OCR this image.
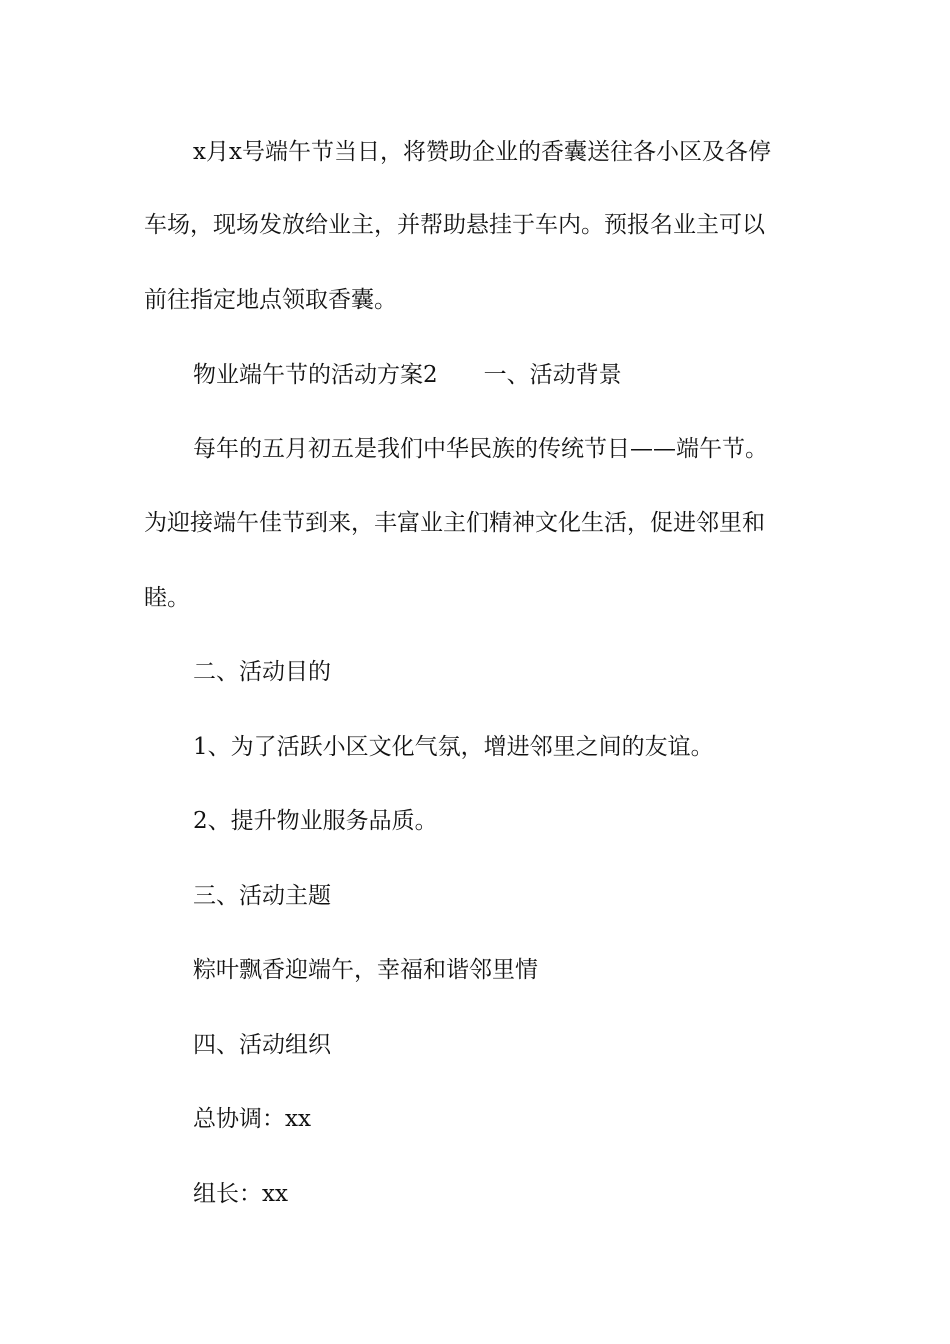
x月x号端午节当日，将赞助企业的香囊送往各小区及各停

车场，现场发放给业主，并帮助悬挂于车内。预报名业主可以

前往指定地点领取香囊。

物业端午节的活动方案2　　一、活动背景

每年的五月初五是我们中华民族的传统节日——端午节。

为迎接端午佳节到来，丰富业主们精神文化生活，促进邻里和

睦。

二、活动目的

1、为了活跃小区文化气氛，增进邻里之间的友谊。

2、提升物业服务品质。

三、活动主题

粽叶飘香迎端午，幸福和谐邻里情

四、活动组织

总协调：xx

组长：xx
